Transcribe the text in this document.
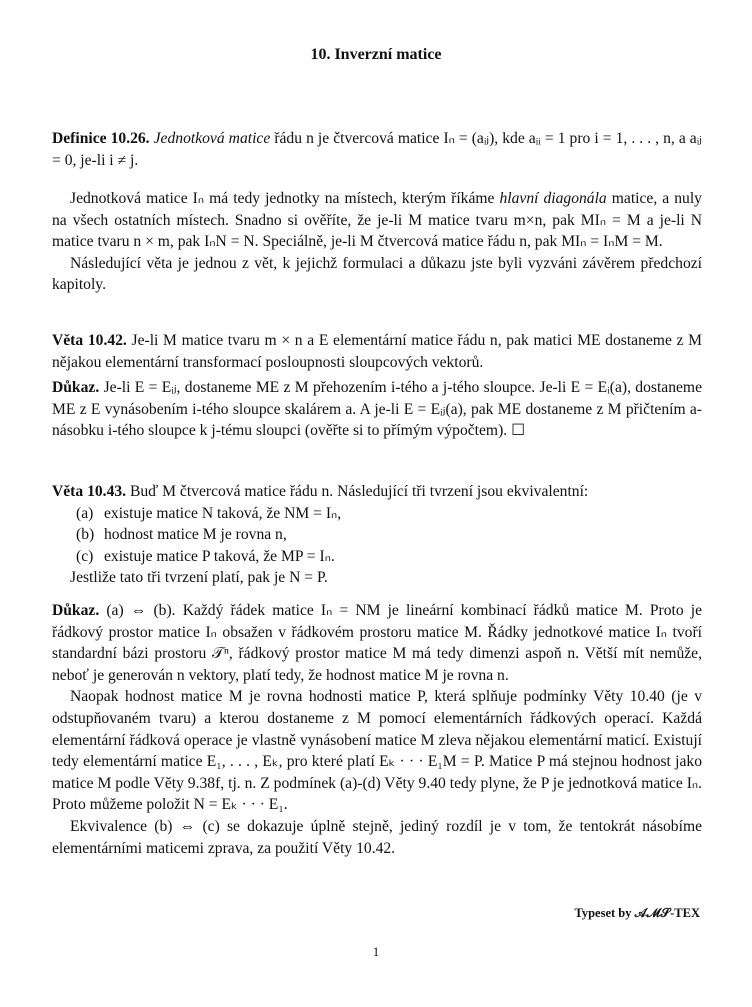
10. Inverzní matice

Definice 10.26. Jednotková matice řádu n je čtvercová matice Iₙ = (aᵢⱼ), kde aᵢᵢ = 1 pro i = 1, . . . , n, a aᵢⱼ = 0, je-li i ≠ j.

Jednotková matice Iₙ má tedy jednotky na místech, kterým říkáme hlavní diagonála matice, a nuly na všech ostatních místech. Snadno si ověříte, že je-li M matice tvaru m×n, pak MIₙ = M a je-li N matice tvaru n × m, pak IₙN = N. Speciálně, je-li M čtvercová matice řádu n, pak MIₙ = IₙM = M.

Následující věta je jednou z vět, k jejichž formulaci a důkazu jste byli vyzváni závěrem předchozí kapitoly.

Věta 10.42. Je-li M matice tvaru m × n a E elementární matice řádu n, pak matici ME dostaneme z M nějakou elementární transformací posloupnosti sloupcových vektorů.

Důkaz. Je-li E = Eᵢⱼ, dostaneme ME z M přehozením i-tého a j-tého sloupce. Je-li E = Eᵢ(a), dostaneme ME z E vynásobením i-tého sloupce skalárem a. A je-li E = Eᵢⱼ(a), pak ME dostaneme z M přičtením a-násobku i-tého sloupce k j-tému sloupci (ověřte si to přímým výpočtem). ☐

Věta 10.43. Buď M čtvercová matice řádu n. Následující tři tvrzení jsou ekvivalentní:

(a) existuje matice N taková, že NM = Iₙ,
(b) hodnost matice M je rovna n,
(c) existuje matice P taková, že MP = Iₙ.

Jestliže tato tři tvrzení platí, pak je N = P.

Důkaz. (a) ⇔ (b). Každý řádek matice Iₙ = NM je lineární kombinací řádků matice M. Proto je řádkový prostor matice Iₙ obsažen v řádkovém prostoru matice M. Řádky jednotkové matice Iₙ tvoří standardní bázi prostoru 𝒯ⁿ, řádkový prostor matice M má tedy dimenzi aspoň n. Větší mít nemůže, neboť je generován n vektory, platí tedy, že hodnost matice M je rovna n.

Naopak hodnost matice M je rovna hodnosti matice P, která splňuje podmínky Věty 10.40 (je v odstupňovaném tvaru) a kterou dostaneme z M pomocí elementárních řádkových operací. Každá elementární řádková operace je vlastně vynásobení matice M zleva nějakou elementární maticí. Existují tedy elementární matice E₁, . . . , Eₖ, pro které platí Eₖ · · · E₁M = P. Matice P má stejnou hodnost jako matice M podle Věty 9.38f, tj. n. Z podmínek (a)-(d) Věty 9.40 tedy plyne, že P je jednotková matice Iₙ. Proto můžeme položit N = Eₖ · · · E₁.

Ekvivalence (b) ⇔ (c) se dokazuje úplně stejně, jediný rozdíl je v tom, že tentokrát násobíme elementárními maticemi zprava, za použití Věty 10.42.

Typeset by 𝒜ℳ𝒮-TEX
1
